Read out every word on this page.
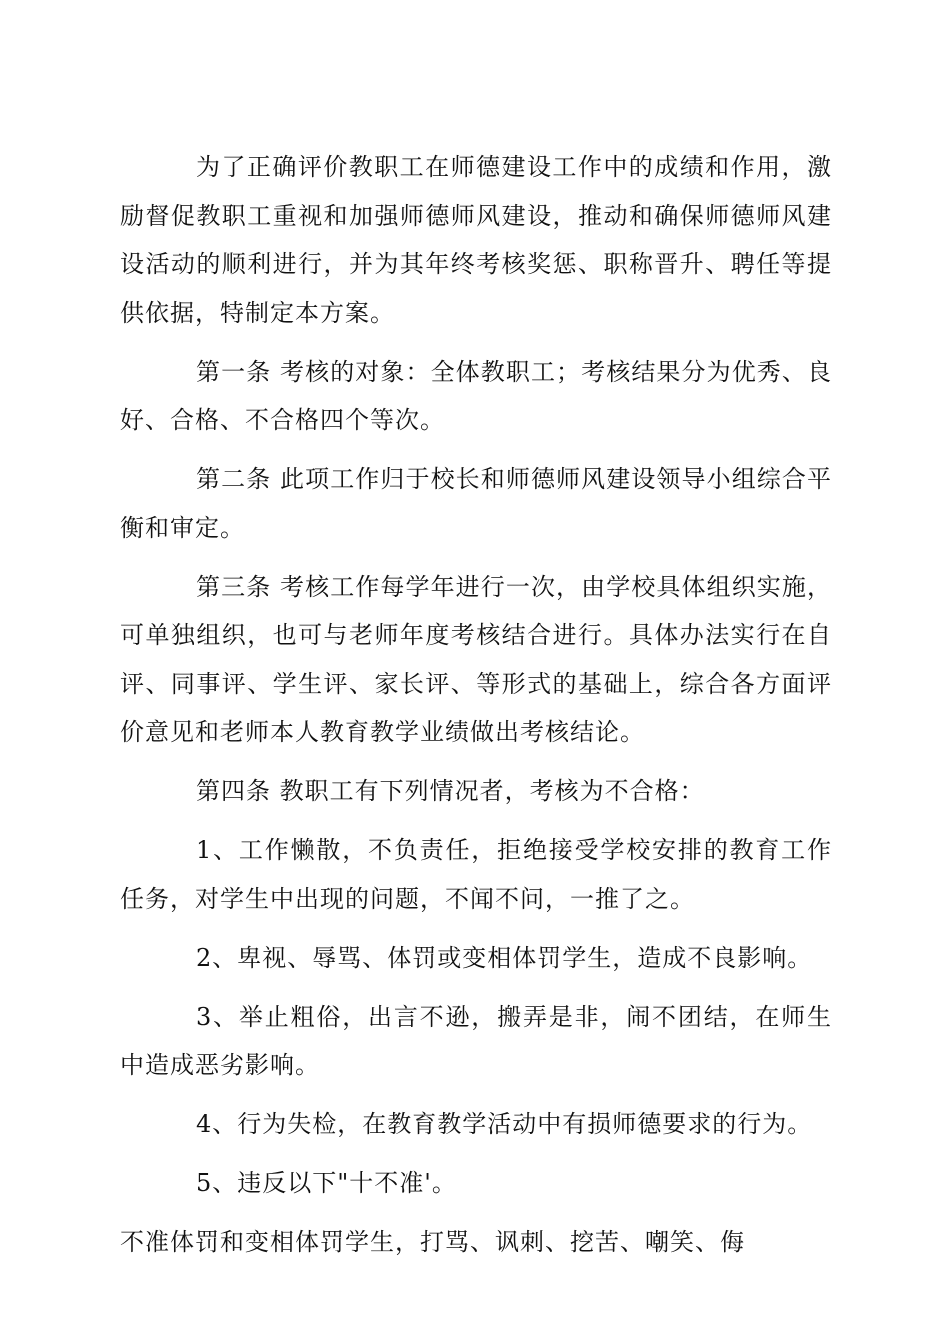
为了正确评价教职工在师德建设工作中的成绩和作用，激励督促教职工重视和加强师德师风建设，推动和确保师德师风建设活动的顺利进行，并为其年终考核奖惩、职称晋升、聘任等提供依据，特制定本方案。

第一条 考核的对象：全体教职工；考核结果分为优秀、良好、合格、不合格四个等次。

第二条 此项工作归于校长和师德师风建设领导小组综合平衡和审定。

第三条 考核工作每学年进行一次，由学校具体组织实施，可单独组织，也可与老师年度考核结合进行。具体办法实行在自评、同事评、学生评、家长评、等形式的基础上，综合各方面评价意见和老师本人教育教学业绩做出考核结论。

第四条 教职工有下列情况者，考核为不合格：

1、工作懒散，不负责任，拒绝接受学校安排的教育工作任务，对学生中出现的问题，不闻不问，一推了之。

2、卑视、辱骂、体罚或变相体罚学生，造成不良影响。

3、举止粗俗，出言不逊，搬弄是非，闹不团结，在师生中造成恶劣影响。

4、行为失检，在教育教学活动中有损师德要求的行为。

5、违反以下"十不准'。

不准体罚和变相体罚学生，打骂、讽刺、挖苦、嘲笑、侮
